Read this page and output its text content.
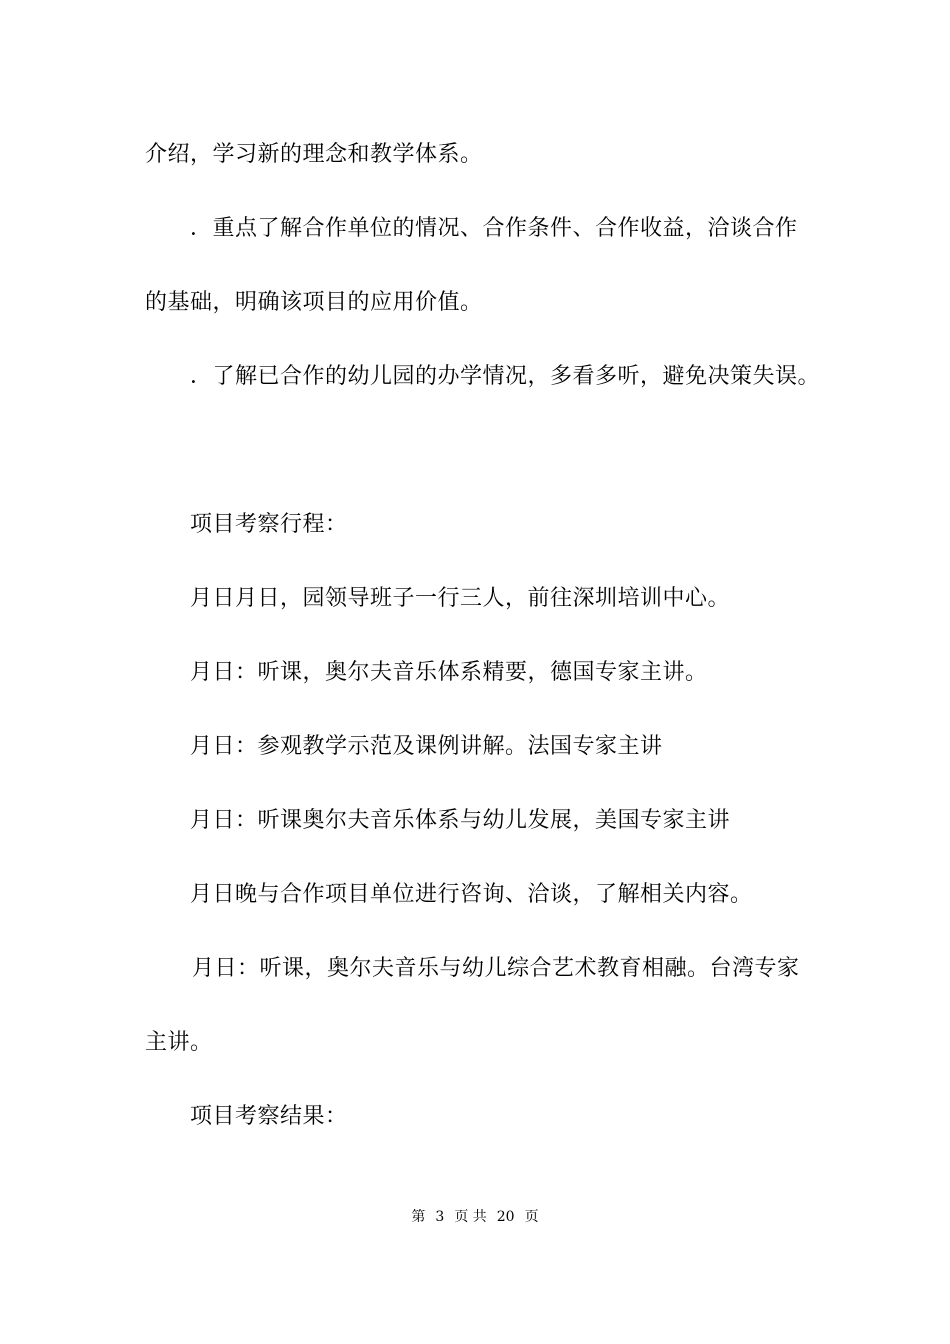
介绍，学习新的理念和教学体系。
．重点了解合作单位的情况、合作条件、合作收益，洽谈合作
的基础，明确该项目的应用价值。
．了解已合作的幼儿园的办学情况，多看多听，避免决策失误。
项目考察行程：
月日月日，园领导班子一行三人，前往深圳培训中心。
月日：听课，奥尔夫音乐体系精要，德国专家主讲。
月日：参观教学示范及课例讲解。法国专家主讲
月日：听课奥尔夫音乐体系与幼儿发展，美国专家主讲
月日晚与合作项目单位进行咨询、洽谈，了解相关内容。
月日：听课，奥尔夫音乐与幼儿综合艺术教育相融。台湾专家
主讲。
项目考察结果：
第 3 页 共 20 页
